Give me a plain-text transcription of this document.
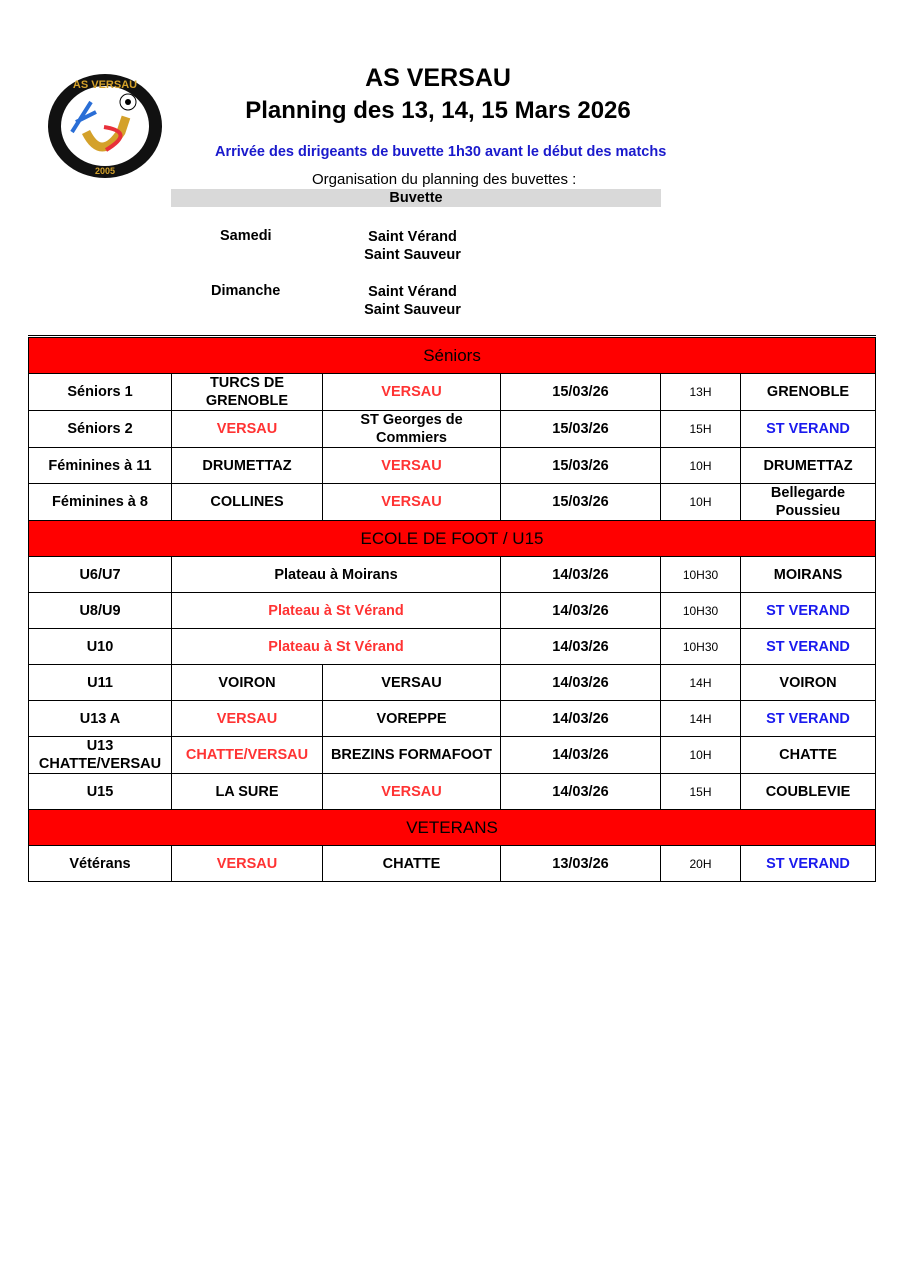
AS VERSAU
2005
AS VERSAU
Planning des 13, 14, 15 Mars 2026
Arrivée des dirigeants de buvette 1h30 avant le début des matchs
Organisation du planning des buvettes :
Buvette
Samedi	Saint Vérand
Saint Sauveur
Dimanche	Saint Vérand
Saint Sauveur
Séniors					
Séniors 1	TURCS DE GRENOBLE	VERSAU	15/03/26	13H	GRENOBLE
Séniors 2	VERSAU	ST Georges de Commiers	15/03/26	15H	ST VERAND
Féminines à 11	DRUMETTAZ	VERSAU	15/03/26	10H	DRUMETTAZ
Féminines à 8	COLLINES	VERSAU	15/03/26	10H	Bellegarde Poussieu
ECOLE DE FOOT / U15					
U6/U7	Plateau à Moirans		14/03/26	10H30	MOIRANS
U8/U9	Plateau à St Vérand		14/03/26	10H30	ST VERAND
U10	Plateau à St Vérand		14/03/26	10H30	ST VERAND
U11	VOIRON	VERSAU	14/03/26	14H	VOIRON
U13 A	VERSAU	VOREPPE	14/03/26	14H	ST VERAND
U13 CHATTE/VERSAU	CHATTE/VERSAU	BREZINS FORMAFOOT	14/03/26	10H	CHATTE
U15	LA SURE	VERSAU	14/03/26	15H	COUBLEVIE
VETERANS					
Vétérans	VERSAU	CHATTE	13/03/26	20H	ST VERAND
